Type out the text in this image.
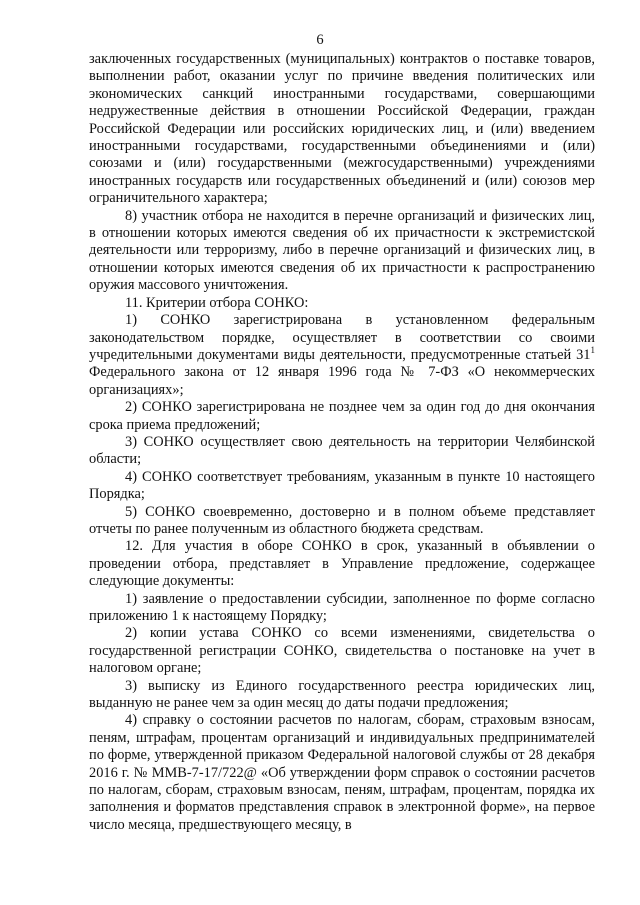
6

заключенных государственных (муниципальных) контрактов о поставке товаров, выполнении работ, оказании услуг по причине введения политических или экономических санкций иностранными государствами, совершающими недружественные действия в отношении Российской Федерации, граждан Российской Федерации или российских юридических лиц, и (или) введением иностранными государствами, государственными объединениями и (или) союзами и (или) государственными (межгосударственными) учреждениями иностранных государств или государственных объединений и (или) союзов мер ограничительного характера;

8) участник отбора не находится в перечне организаций и физических лиц, в отношении которых имеются сведения об их причастности к экстремистской деятельности или терроризму, либо в перечне организаций и физических лиц, в отношении которых имеются сведения об их причастности к распространению оружия массового уничтожения.

11. Критерии отбора СОНКО:

1) СОНКО зарегистрирована в установленном федеральным законодательством порядке, осуществляет в соответствии со своими учредительными документами виды деятельности, предусмотренные статьей $31^1$ Федерального закона от 12 января 1996 года № 7-ФЗ «О некоммерческих организациях»;

2) СОНКО зарегистрирована не позднее чем за один год до дня окончания срока приема предложений;

3) СОНКО осуществляет свою деятельность на территории Челябинской области;

4) СОНКО соответствует требованиям, указанным в пункте 10 настоящего Порядка;

5) СОНКО своевременно, достоверно и в полном объеме представляет отчеты по ранее полученным из областного бюджета средствам.

12. Для участия в оборе СОНКО в срок, указанный в объявлении о проведении отбора, представляет в Управление предложение, содержащее следующие документы:

1) заявление о предоставлении субсидии, заполненное по форме согласно приложению 1 к настоящему Порядку;

2) копии устава СОНКО со всеми изменениями, свидетельства о государственной регистрации СОНКО, свидетельства о постановке на учет в налоговом органе;

3) выписку из Единого государственного реестра юридических лиц, выданную не ранее чем за один месяц до даты подачи предложения;

4) справку о состоянии расчетов по налогам, сборам, страховым взносам, пеням, штрафам, процентам организаций и индивидуальных предпринимателей по форме, утвержденной приказом Федеральной налоговой службы от 28 декабря 2016 г. № ММВ-7-17/722@ «Об утверждении форм справок о состоянии расчетов по налогам, сборам, страховым взносам, пеням, штрафам, процентам, порядка их заполнения и форматов представления справок в электронной форме», на первое число месяца, предшествующего месяцу, в
